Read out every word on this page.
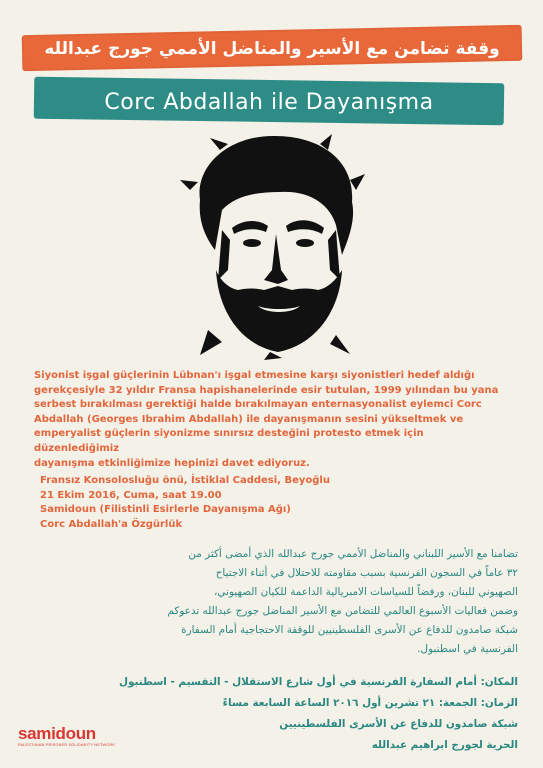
وقفة تضامن مع الأسير والمناضل الأممي جورج عبدالله
Corc Abdallah ile Dayanışma
Siyonist işgal güçlerinin Lübnan'ı işgal etmesine karşı siyonistleri hedef aldığı
gerekçesiyle 32 yıldır Fransa hapishanelerinde esir tutulan, 1999 yılından bu yana
serbest bırakılması gerektiği halde bırakılmayan enternasyonalist eylemci Corc
Abdallah (Georges Ibrahim Abdallah) ile dayanışmanın sesini yükseltmek ve
emperyalist güçlerin siyonizme sınırsız desteğini protesto etmek için düzenlediğimiz
dayanışma etkinliğimize hepinizi davet ediyoruz.
Fransız Konsolosluğu önü, İstiklal Caddesi, Beyoğlu
21 Ekim 2016, Cuma, saat 19.00
Samidoun (Filistinli Esirlerle Dayanışma Ağı)
Corc Abdallah'a Özgürlük
تضامنا مع الأسير اللبناني والمناضل الأممي جورج عبدالله الذي أمضى أكثر من
٣٢ عاماً في السجون الفرنسية بسبب مقاومته للاحتلال في أثناء الاجتياح
الصهيوني للبنان، ورفضاً للسياسات الامبريالية الداعمة للكيان الصهيوني،
وضمن فعاليات الأسبوع العالمي للتضامن مع الأسير المناضل جورج عبدالله تدعوكم
شبكة صامدون للدفاع عن الأسرى الفلسطينيين للوقفة الاحتجاجية أمام السفارة
الفرنسية في اسطنبول.
المكان: أمام السفارة الفرنسية في أول شارع الاستقلال - التقسيم - اسطنبول
الزمان: الجمعة: ٢١ تشرين أول ٢٠١٦ الساعة السابعة مساءً
شبكة صامدون للدفاع عن الأسرى الفلسطينيين
الحرية لجورج ابراهيم عبدالله
samidoun
PALESTINIAN PRISONER SOLIDARITY NETWORK
